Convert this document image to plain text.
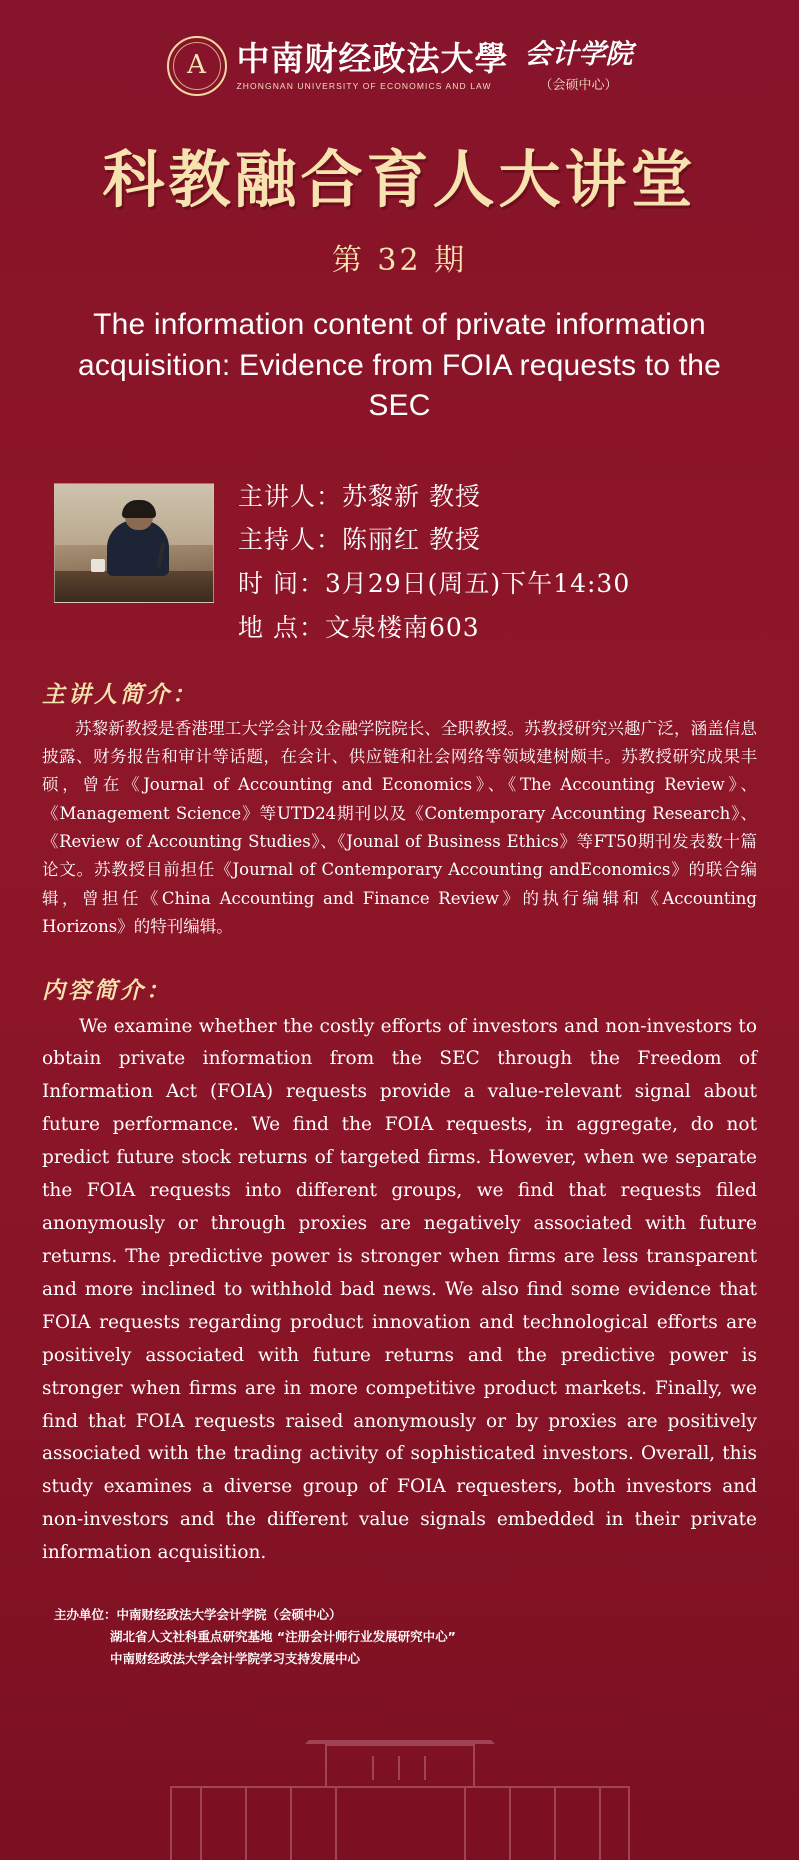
A 中南财经政法大學
ZHONGNAN UNIVERSITY OF ECONOMICS AND LAW
会计学院
（会硕中心）
科教融合育人大讲堂
第 32 期
The information content of private information acquisition: Evidence from FOIA requests to the SEC
主讲人：苏黎新 教授
主持人：陈丽红 教授
时 间：3月29日(周五)下午14:30
地 点：文泉楼南603
主讲人简介：
苏黎新教授是香港理工大学会计及金融学院院长、全职教授。苏教授研究兴趣广泛，涵盖信息披露、财务报告和审计等话题，在会计、供应链和社会网络等领域建树颇丰。苏教授研究成果丰硕，曾在《Journal of Accounting and Economics》、《The Accounting Review》、《Management Science》等UTD24期刊以及《Contemporary Accounting Research》、《Review of Accounting Studies》、《Jounal of Business Ethics》等FT50期刊发表数十篇论文。苏教授目前担任《Journal of Contemporary Accounting andEconomics》的联合编辑，曾担任《China Accounting and Finance Review》的执行编辑和《Accounting Horizons》的特刊编辑。
内容简介：
We examine whether the costly efforts of investors and non-investors to obtain private information from the SEC through the Freedom of Information Act (FOIA) requests provide a value-relevant signal about future performance. We find the FOIA requests, in aggregate, do not predict future stock returns of targeted firms. However, when we separate the FOIA requests into different groups, we find that requests filed anonymously or through proxies are negatively associated with future returns. The predictive power is stronger when firms are less transparent and more inclined to withhold bad news. We also find some evidence that FOIA requests regarding product innovation and technological efforts are positively associated with future returns and the predictive power is stronger when firms are in more competitive product markets. Finally, we find that FOIA requests raised anonymously or by proxies are positively associated with the trading activity of sophisticated investors. Overall, this study examines a diverse group of FOIA requesters, both investors and non-investors and the different value signals embedded in their private information acquisition.
主办单位：中南财经政法大学会计学院（会硕中心）
湖北省人文社科重点研究基地 “注册会计师行业发展研究中心”
中南财经政法大学会计学院学习支持发展中心
